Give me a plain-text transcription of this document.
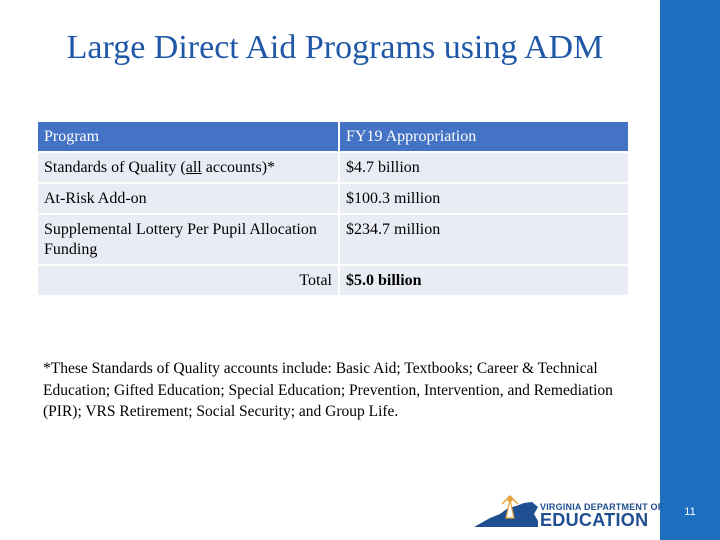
11
Large Direct Aid Programs using ADM
Program	FY19 Appropriation
Standards of Quality (all accounts)*	$4.7 billion
At-Risk Add-on	$100.3 million
Supplemental Lottery Per Pupil Allocation Funding	$234.7 million
Total	$5.0 billion
*These Standards of Quality accounts include: Basic Aid; Textbooks; Career & Technical Education; Gifted Education; Special Education; Prevention, Intervention, and Remediation (PIR); VRS Retirement; Social Security; and Group Life.
VIRGINIA DEPARTMENT OF
EDUCATION
